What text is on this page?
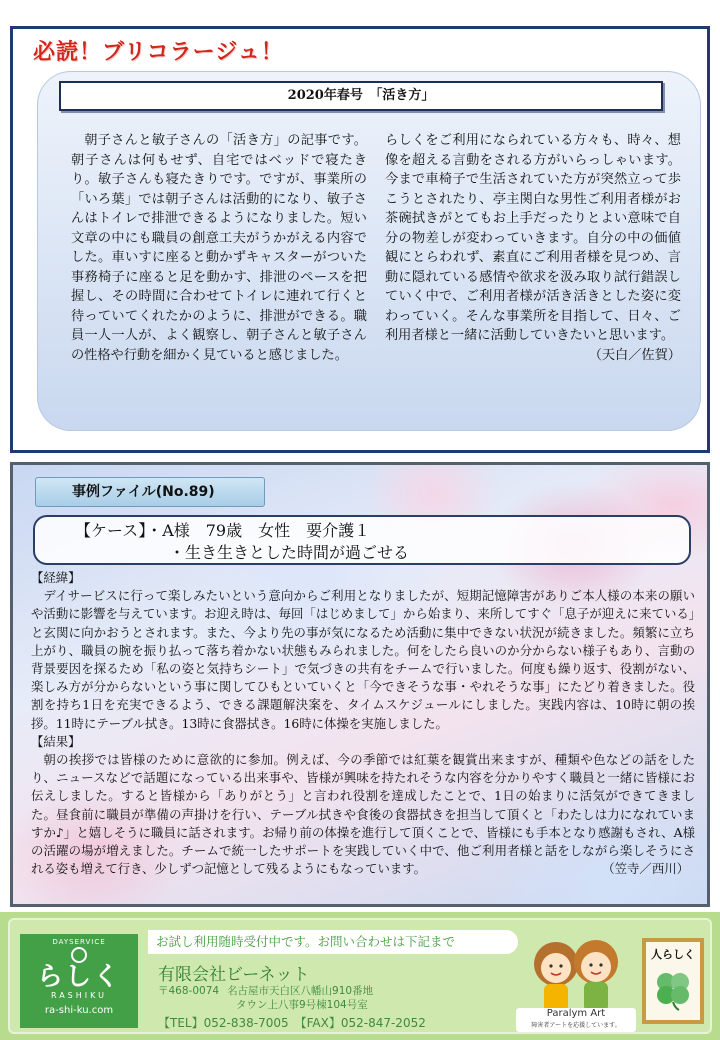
必読！ブリコラージュ！
2020年春号　「活き方」
朝子さんと敏子さんの「活き方」の記事です。朝子さんは何もせず、自宅ではベッドで寝たきり。敏子さんも寝たきりです。ですが、事業所の「いろ葉」では朝子さんは活動的になり、敏子さんはトイレで排泄できるようになりました。短い文章の中にも職員の創意工夫がうかがえる内容でした。車いすに座ると動かずキャスターがついた事務椅子に座ると足を動かす、排泄のペースを把握し、その時間に合わせてトイレに連れて行くと待っていてくれたかのように、排泄ができる。職員一人一人が、よく観察し、朝子さんと敏子さんの性格や行動を細かく見ていると感じました。
らしくをご利用になられている方々も、時々、想像を超える言動をされる方がいらっしゃいます。今まで車椅子で生活されていた方が突然立って歩こうとされたり、亭主関白な男性ご利用者様がお茶碗拭きがとてもお上手だったりとよい意味で自分の物差しが変わっていきます。自分の中の価値観にとらわれず、素直にご利用者様を見つめ、言動に隠れている感情や欲求を汲み取り試行錯誤していく中で、ご利用者様が活き活きとした姿に変わっていく。そんな事業所を目指して、日々、ご利用者様と一緒に活動していきたいと思います。
（天白／佐賀）
事例ファイル(No.89)
【ケース】・A様　79歳　女性　要介護１
・生き生きとした時間が過ごせる
【経緯】
デイサービスに行って楽しみたいという意向からご利用となりましたが、短期記憶障害がありご本人様の本来の願いや活動に影響を与えています。お迎え時は、毎回「はじめまして」から始まり、来所してすぐ「息子が迎えに来ている」と玄関に向かおうとされます。また、今より先の事が気になるため活動に集中できない状況が続きました。頻繁に立ち上がり、職員の腕を振り払って落ち着かない状態もみられました。何をしたら良いのか分からない様子もあり、言動の背景要因を探るため「私の姿と気持ちシート」で気づきの共有をチームで行いました。何度も繰り返す、役割がない、楽しみ方が分からないという事に関してひもといていくと「今できそうな事・やれそうな事」にたどり着きました。役割を持ち1日を充実できるよう、できる課題解決案を、タイムスケジュールにしました。実践内容は、10時に朝の挨拶。11時にテーブル拭き。13時に食器拭き。16時に体操を実施しました。
【結果】
朝の挨拶では皆様のために意欲的に参加。例えば、今の季節では紅葉を観賞出来ますが、種類や色などの話をしたり、ニュースなどで話題になっている出来事や、皆様が興味を持たれそうな内容を分かりやすく職員と一緒に皆様にお伝えしました。すると皆様から「ありがとう」と言われ役割を達成したことで、1日の始まりに活気ができてきました。昼食前に職員が準備の声掛けを行い、テーブル拭きや食後の食器拭きを担当して頂くと「わたしは力になれていますか♪」と嬉しそうに職員に話されます。お帰り前の体操を進行して頂くことで、皆様にも手本となり感謝もされ、A様の活躍の場が増えました。チームで統一したサポートを実践していく中で、他ご利用者様と話をしながら楽しそうにされる姿も増えて行き、少しずつ記憶として残るようにもなっています。	（笠寺／西川）
DAYSERVICE
らしく
RASHIKU
ra-shi-ku.com
お試し利用随時受付中です。お問い合わせは下記まで
有限会社ビーネット
〒468-0074 名古屋市天白区八幡山910番地
タウン上八事9号棟104号室
【TEL】052-838-7005　【FAX】052-847-2052
Paralym Art
障害者アートを応援しています。
人らしく
